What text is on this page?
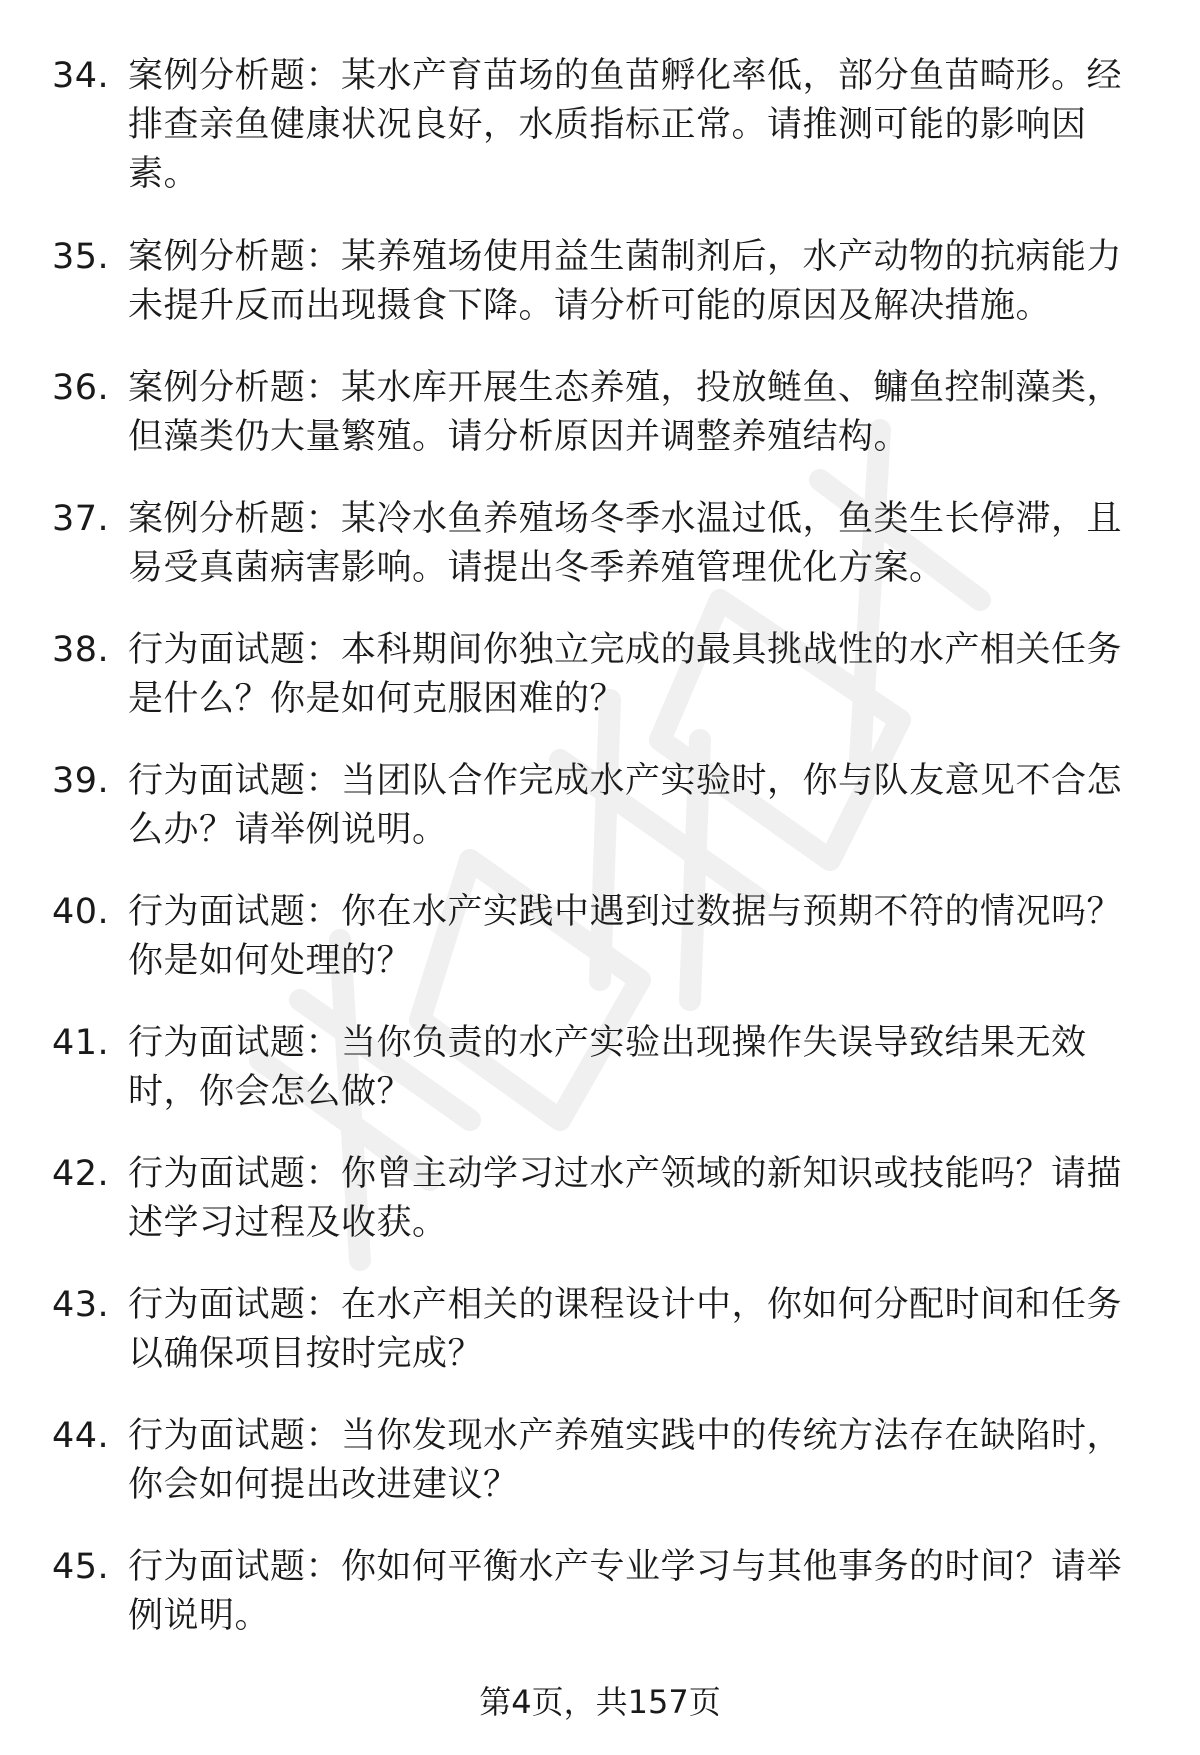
34. 案例分析题：某水产育苗场的鱼苗孵化率低，部分鱼苗畸形。经排查亲鱼健康状况良好，水质指标正常。请推测可能的影响因素。
35. 案例分析题：某养殖场使用益生菌制剂后，水产动物的抗病能力未提升反而出现摄食下降。请分析可能的原因及解决措施。
36. 案例分析题：某水库开展生态养殖，投放鲢鱼、鳙鱼控制藻类，但藻类仍大量繁殖。请分析原因并调整养殖结构。
37. 案例分析题：某冷水鱼养殖场冬季水温过低，鱼类生长停滞，且易受真菌病害影响。请提出冬季养殖管理优化方案。
38. 行为面试题：本科期间你独立完成的最具挑战性的水产相关任务是什么？你是如何克服困难的？
39. 行为面试题：当团队合作完成水产实验时，你与队友意见不合怎么办？请举例说明。
40. 行为面试题：你在水产实践中遇到过数据与预期不符的情况吗？你是如何处理的？
41. 行为面试题：当你负责的水产实验出现操作失误导致结果无效时，你会怎么做？
42. 行为面试题：你曾主动学习过水产领域的新知识或技能吗？请描述学习过程及收获。
43. 行为面试题：在水产相关的课程设计中，你如何分配时间和任务以确保项目按时完成？
44. 行为面试题：当你发现水产养殖实践中的传统方法存在缺陷时，你会如何提出改进建议？
45. 行为面试题：你如何平衡水产专业学习与其他事务的时间？请举例说明。
第4页，共157页
